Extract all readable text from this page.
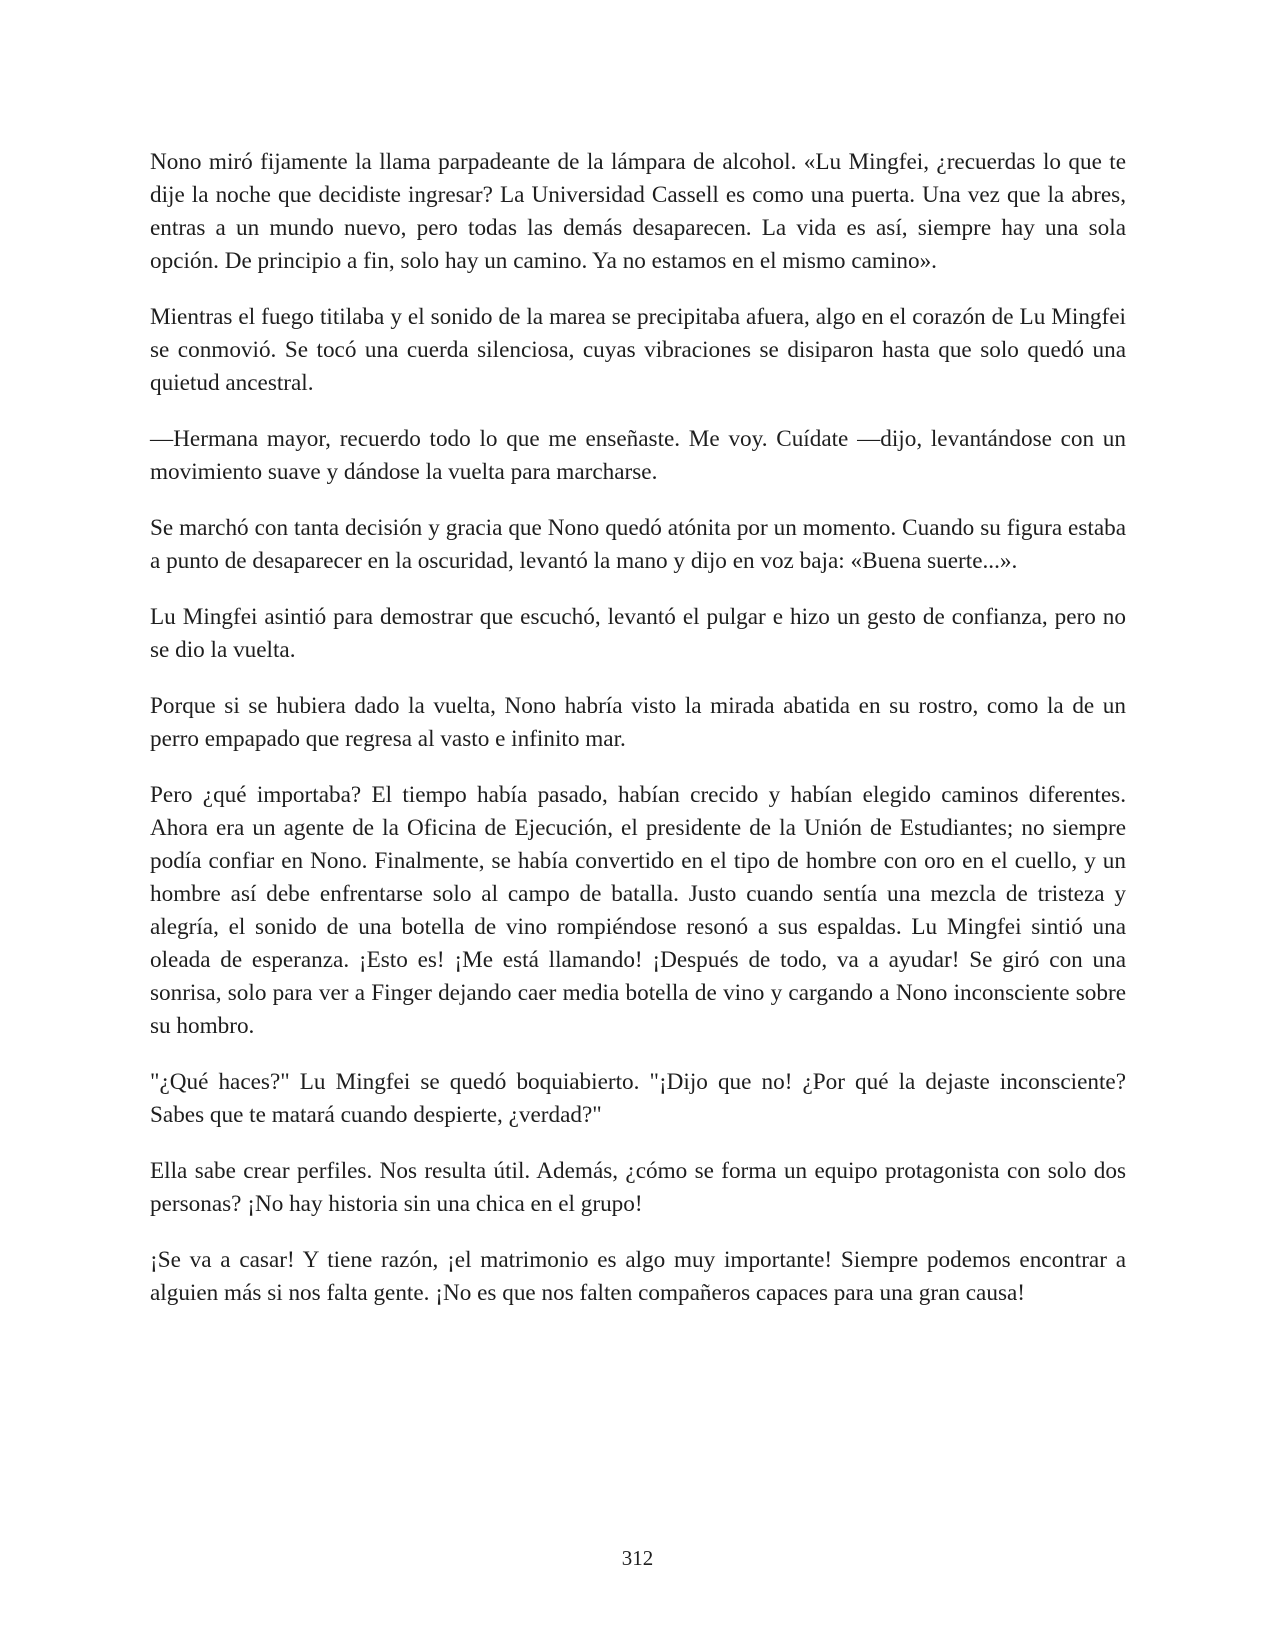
Nono miró fijamente la llama parpadeante de la lámpara de alcohol. «Lu Mingfei, ¿recuerdas lo que te dije la noche que decidiste ingresar? La Universidad Cassell es como una puerta. Una vez que la abres, entras a un mundo nuevo, pero todas las demás desaparecen. La vida es así, siempre hay una sola opción. De principio a fin, solo hay un camino. Ya no estamos en el mismo camino».

Mientras el fuego titilaba y el sonido de la marea se precipitaba afuera, algo en el corazón de Lu Mingfei se conmovió. Se tocó una cuerda silenciosa, cuyas vibraciones se disiparon hasta que solo quedó una quietud ancestral.

—Hermana mayor, recuerdo todo lo que me enseñaste. Me voy. Cuídate —dijo, levantándose con un movimiento suave y dándose la vuelta para marcharse.

Se marchó con tanta decisión y gracia que Nono quedó atónita por un momento. Cuando su figura estaba a punto de desaparecer en la oscuridad, levantó la mano y dijo en voz baja: «Buena suerte...».

Lu Mingfei asintió para demostrar que escuchó, levantó el pulgar e hizo un gesto de confianza, pero no se dio la vuelta.

Porque si se hubiera dado la vuelta, Nono habría visto la mirada abatida en su rostro, como la de un perro empapado que regresa al vasto e infinito mar.

Pero ¿qué importaba? El tiempo había pasado, habían crecido y habían elegido caminos diferentes. Ahora era un agente de la Oficina de Ejecución, el presidente de la Unión de Estudiantes; no siempre podía confiar en Nono. Finalmente, se había convertido en el tipo de hombre con oro en el cuello, y un hombre así debe enfrentarse solo al campo de batalla. Justo cuando sentía una mezcla de tristeza y alegría, el sonido de una botella de vino rompiéndose resonó a sus espaldas. Lu Mingfei sintió una oleada de esperanza. ¡Esto es! ¡Me está llamando! ¡Después de todo, va a ayudar! Se giró con una sonrisa, solo para ver a Finger dejando caer media botella de vino y cargando a Nono inconsciente sobre su hombro.

"¿Qué haces?" Lu Mingfei se quedó boquiabierto. "¡Dijo que no! ¿Por qué la dejaste inconsciente? Sabes que te matará cuando despierte, ¿verdad?"

Ella sabe crear perfiles. Nos resulta útil. Además, ¿cómo se forma un equipo protagonista con solo dos personas? ¡No hay historia sin una chica en el grupo!

¡Se va a casar! Y tiene razón, ¡el matrimonio es algo muy importante! Siempre podemos encontrar a alguien más si nos falta gente. ¡No es que nos falten compañeros capaces para una gran causa!

312
